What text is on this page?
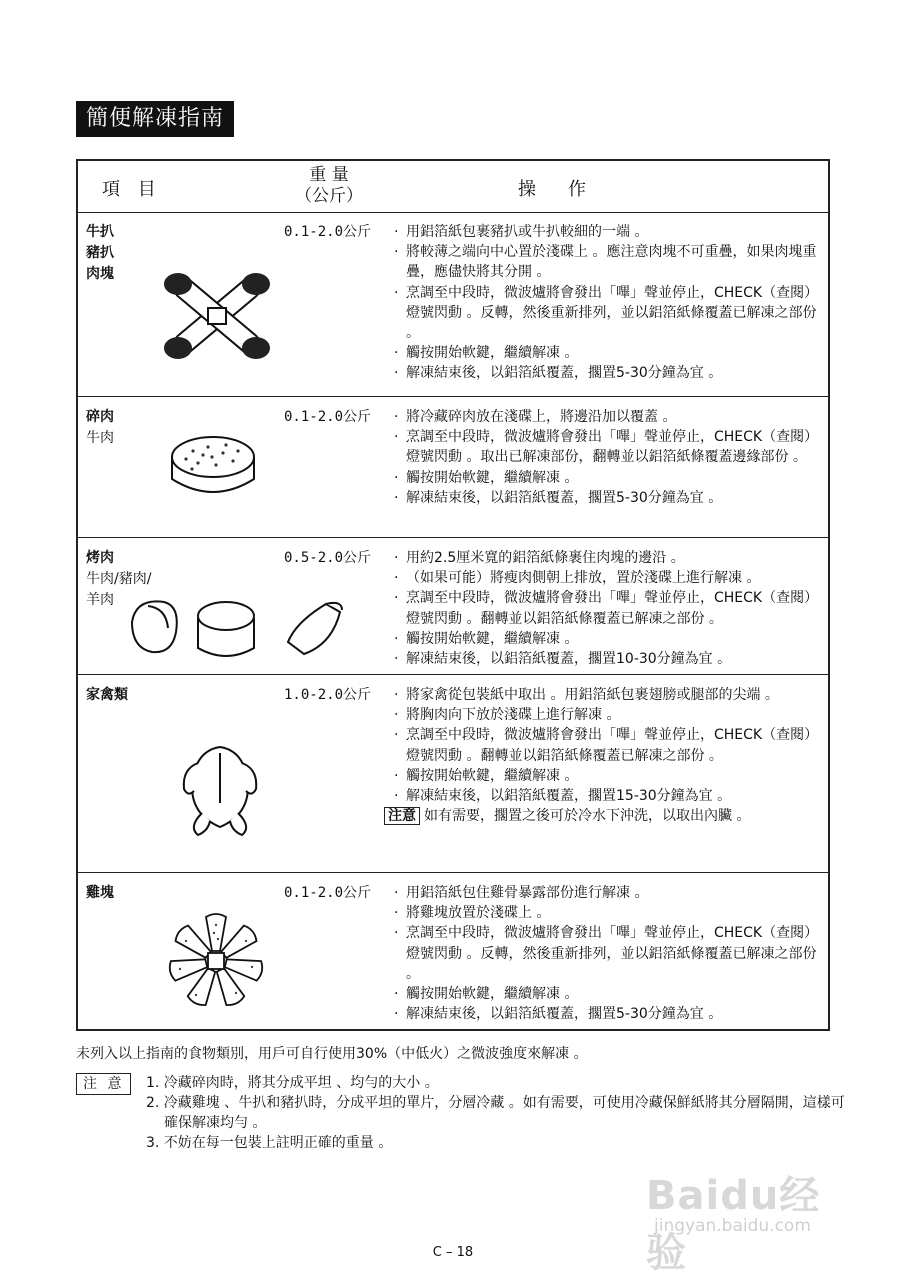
簡便解凍指南
項 目
重 量
（公斤）	操 作
牛扒
豬扒
肉塊
0.1-2.0公斤	· 用鋁箔紙包裹豬扒或牛扒較細的一端 。
· 將較薄之端向中心置於淺碟上 。應注意肉塊不可重疊，如果肉塊重疊，應儘快將其分開 。
· 烹調至中段時，微波爐將會發出「嗶」聲並停止，CHECK（查閱）燈號閃動 。反轉，然後重新排列，並以鋁箔紙條覆蓋已解凍之部份 。
· 觸按開始軟鍵，繼續解凍 。
· 解凍結束後，以鋁箔紙覆蓋，擱置5-30分鐘為宜 。
碎肉
牛肉
0.1-2.0公斤	· 將冷藏碎肉放在淺碟上，將邊沿加以覆蓋 。
· 烹調至中段時，微波爐將會發出「嗶」聲並停止，CHECK（查閱）燈號閃動 。取出已解凍部份，翻轉並以鋁箔紙條覆蓋邊緣部份 。
· 觸按開始軟鍵，繼續解凍 。
· 解凍結束後，以鋁箔紙覆蓋，擱置5-30分鐘為宜 。
烤肉
牛肉/豬肉/
羊肉
0.5-2.0公斤	· 用約2.5厘米寬的鋁箔紙條裹住肉塊的邊沿 。
· （如果可能）將瘦肉側朝上排放，置於淺碟上進行解凍 。
· 烹調至中段時，微波爐將會發出「嗶」聲並停止，CHECK（查閱）燈號閃動 。翻轉並以鋁箔紙條覆蓋已解凍之部份 。
· 觸按開始軟鍵，繼續解凍 。
· 解凍結束後，以鋁箔紙覆蓋，擱置10-30分鐘為宜 。
家禽類	1.0-2.0公斤	· 將家禽從包裝紙中取出 。用鋁箔紙包裹翅膀或腿部的尖端 。
· 將胸肉向下放於淺碟上進行解凍 。
· 烹調至中段時，微波爐將會發出「嗶」聲並停止，CHECK（查閱）燈號閃動 。翻轉並以鋁箔紙條覆蓋已解凍之部份 。
· 觸按開始軟鍵，繼續解凍 。
· 解凍結束後，以鋁箔紙覆蓋，擱置15-30分鐘為宜 。
注意 如有需要，擱置之後可於冷水下沖洗，以取出內臟 。
雞塊	0.1-2.0公斤	· 用鋁箔紙包住雞骨暴露部份進行解凍 。
· 將雞塊放置於淺碟上 。
· 烹調至中段時，微波爐將會發出「嗶」聲並停止，CHECK（查閱）燈號閃動 。反轉，然後重新排列，並以鋁箔紙條覆蓋已解凍之部份 。
· 觸按開始軟鍵，繼續解凍 。
· 解凍結束後，以鋁箔紙覆蓋，擱置5-30分鐘為宜 。
未列入以上指南的食物類別，用戶可自行使用30%（中低火）之微波強度來解凍 。
注 意	1. 冷藏碎肉時，將其分成平坦 、均勻的大小 。
2. 冷藏雞塊 、牛扒和豬扒時，分成平坦的單片，分層冷藏 。如有需要，可使用冷藏保鮮紙將其分層隔開，這樣可確保解凍均勻 。
3. 不妨在每一包裝上註明正確的重量 。
Baidu经验
jingyan.baidu.com
C – 18
